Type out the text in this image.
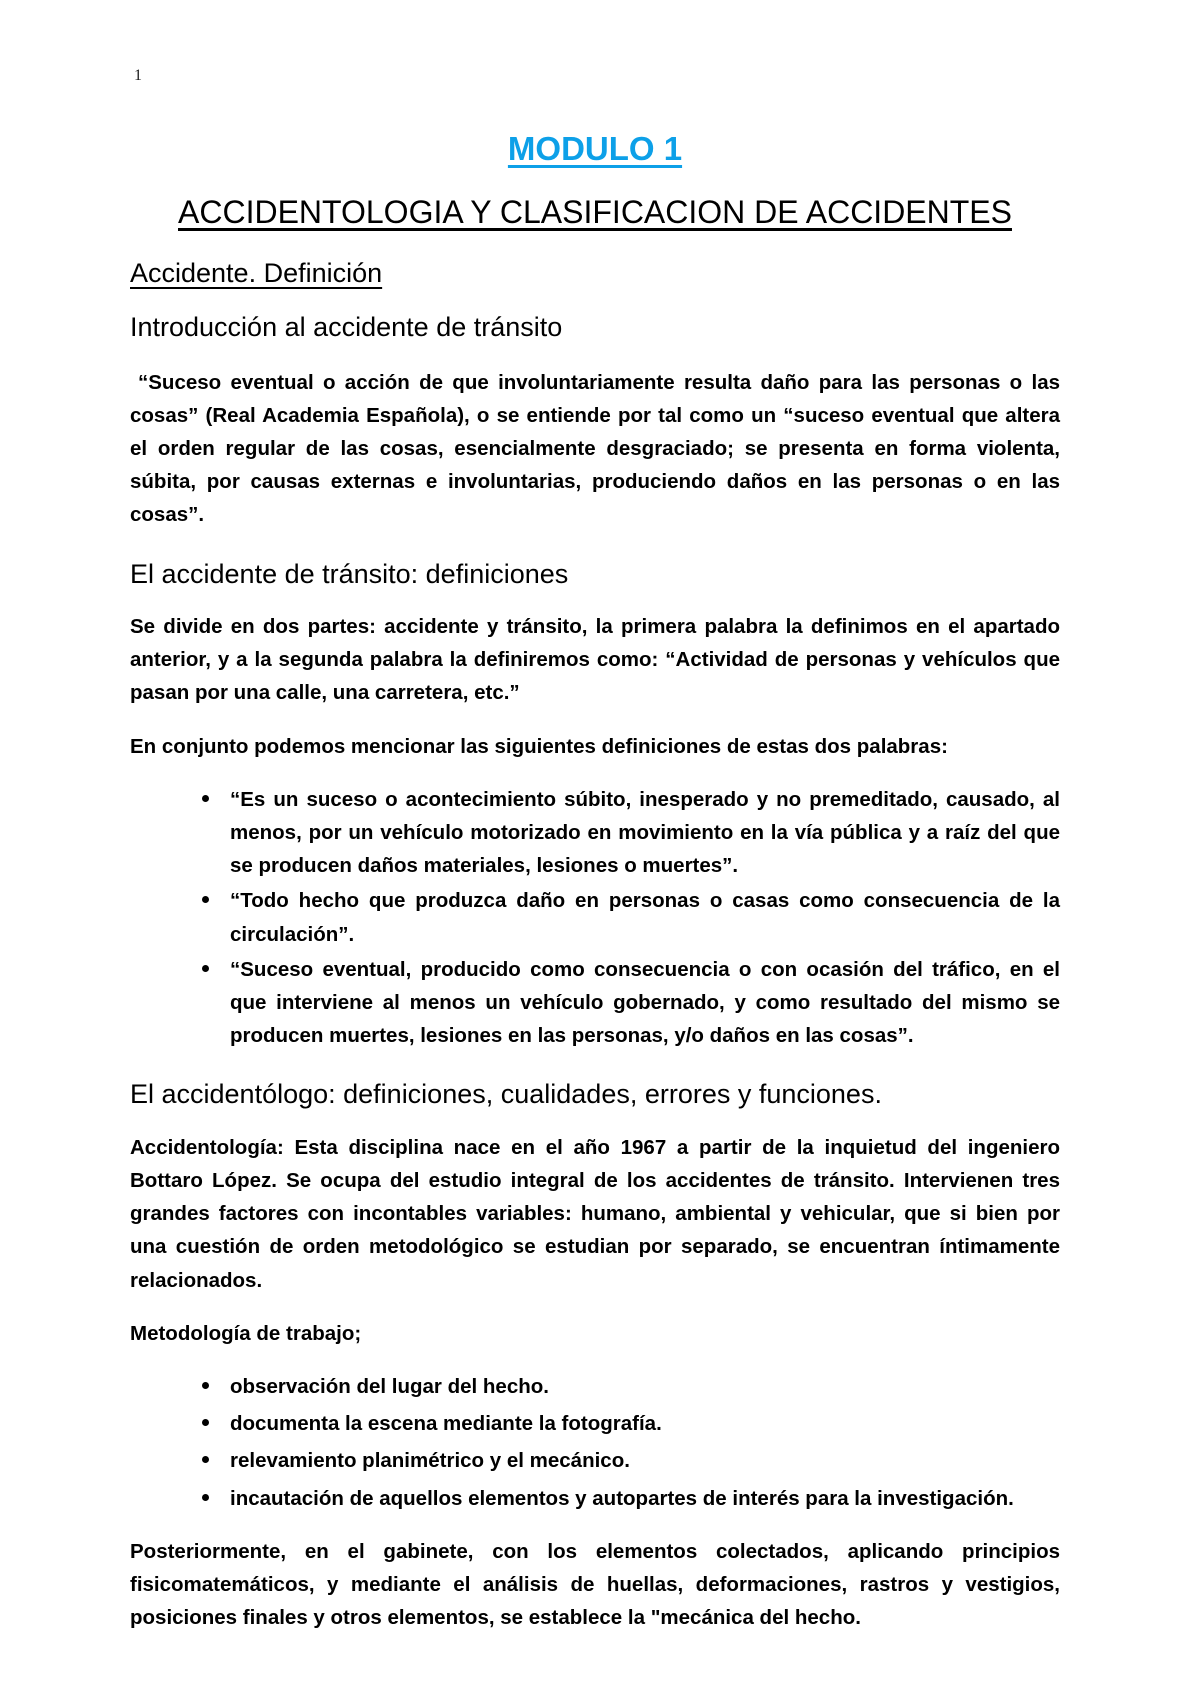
1
MODULO 1
ACCIDENTOLOGIA Y CLASIFICACION DE ACCIDENTES
Accidente. Definición
Introducción al accidente de tránsito

“Suceso eventual o acción de que involuntariamente resulta daño para las personas o las cosas” (Real Academia Española), o se entiende por tal como un “suceso eventual que altera el orden regular de las cosas, esencialmente desgraciado; se presenta en forma violenta, súbita, por causas externas e involuntarias, produciendo daños en las personas o en las cosas”.

El accidente de tránsito: definiciones

Se divide en dos partes: accidente y tránsito, la primera palabra la definimos en el apartado anterior, y a la segunda palabra la definiremos como: “Actividad de personas y vehículos que pasan por una calle, una carretera, etc.”

En conjunto podemos mencionar las siguientes definiciones de estas dos palabras:

“Es un suceso o acontecimiento súbito, inesperado y no premeditado, causado, al menos, por un vehículo motorizado en movimiento en la vía pública y a raíz del que se producen daños materiales, lesiones o muertes”.
“Todo hecho que produzca daño en personas o casas como consecuencia de la circulación”.
“Suceso eventual, producido como consecuencia o con ocasión del tráfico, en el que interviene al menos un vehículo gobernado, y como resultado del mismo se producen muertes, lesiones en las personas, y/o daños en las cosas”.
El accidentólogo: definiciones, cualidades, errores y funciones.

Accidentología: Esta disciplina nace en el año 1967 a partir de la inquietud del ingeniero Bottaro López. Se ocupa del estudio integral de los accidentes de tránsito. Intervienen tres grandes factores con incontables variables: humano, ambiental y vehicular, que si bien por una cuestión de orden metodológico se estudian por separado, se encuentran íntimamente relacionados.

Metodología de trabajo;

observación del lugar del hecho.
documenta la escena mediante la fotografía.
relevamiento planimétrico y el mecánico.
incautación de aquellos elementos y autopartes de interés para la investigación.

Posteriormente, en el gabinete, con los elementos colectados, aplicando principios fisicomatemáticos, y mediante el análisis de huellas, deformaciones, rastros y vestigios, posiciones finales y otros elementos, se establece la "mecánica del hecho.
